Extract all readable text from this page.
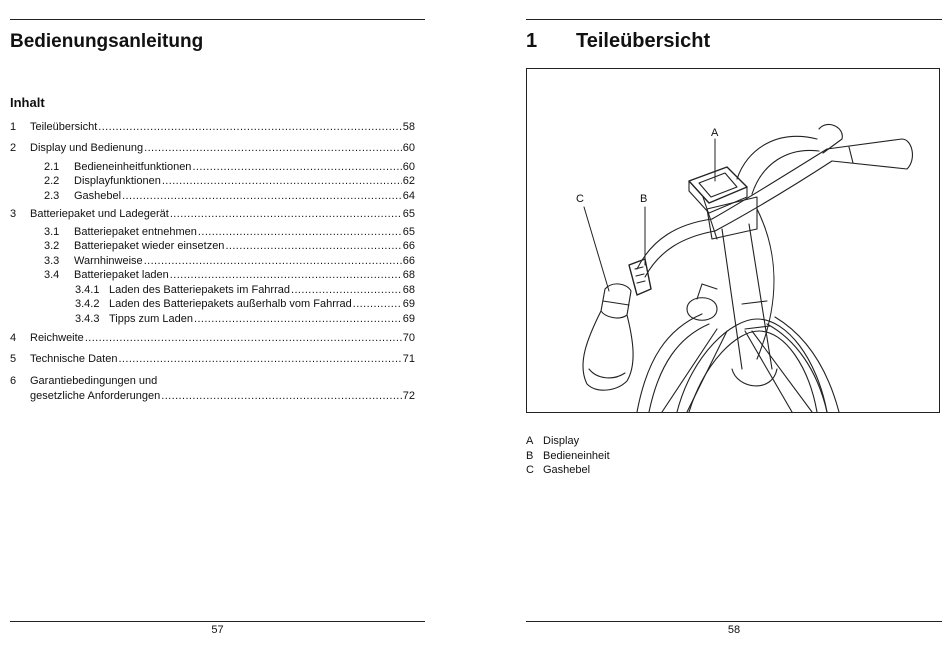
Bedienungsanleitung
Inhalt
1	Teileübersicht .....	58
2	Display und Bedienung .....	60
2.1	Bedieneinheitfunktionen .....	60
2.2	Displayfunktionen .....	62
2.3	Gashebel .....	64
3	Batteriepaket und Ladegerät .....	65
3.1	Batteriepaket entnehmen .....	65
3.2	Batteriepaket wieder einsetzen .....	66
3.3	Warnhinweise .....	66
3.4	Batteriepaket laden .....	68
3.4.1 Laden des Batteriepakets im Fahrrad .....	68
3.4.2 Laden des Batteriepakets außerhalb vom Fahrrad .....	69
3.4.3 Tipps zum Laden .....	69
4	Reichweite .....	70
5	Technische Daten .....	71
6	Garantiebedingungen und
gesetzliche Anforderungen .....	72
57
1 Teileübersicht
A
B
C
A Display
B Bedieneinheit
C Gashebel
58
